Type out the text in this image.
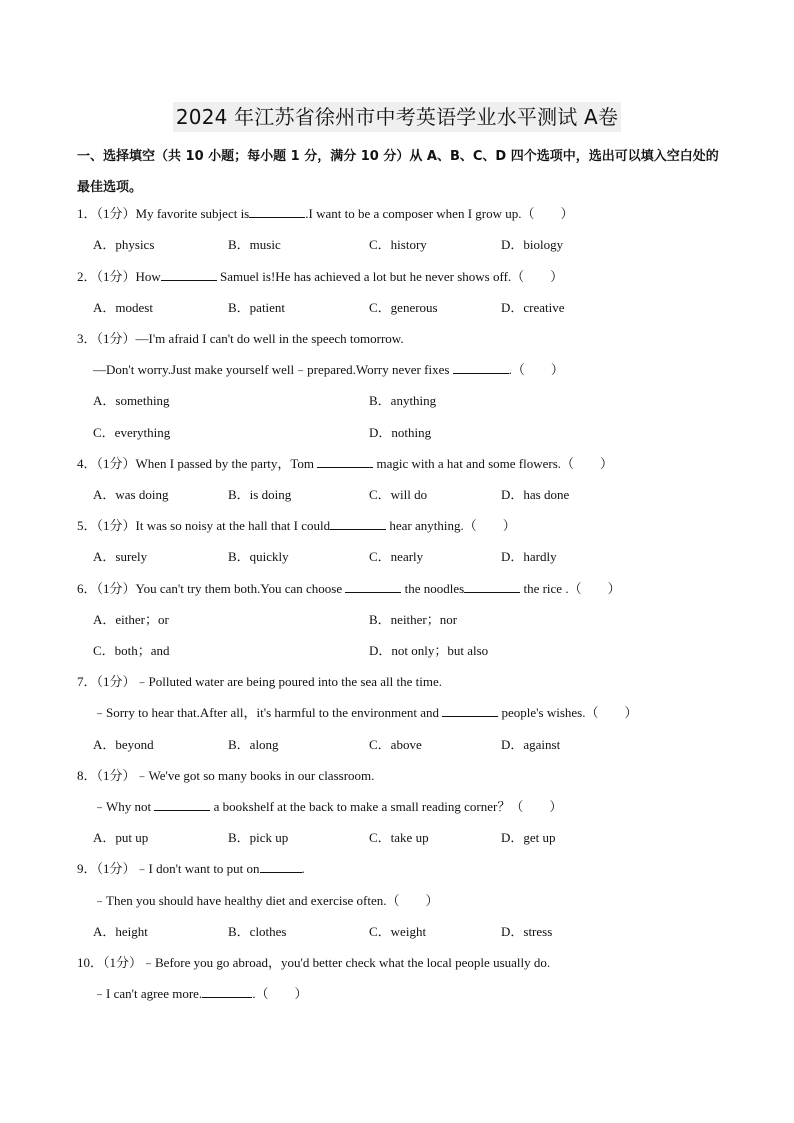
2024 年江苏省徐州市中考英语学业水平测试 A卷
一、选择填空（共 10 小题；每小题 1 分，满分 10 分）从 A、B、C、D 四个选项中，选出可以填入空白处的最佳选项。
1．（1分）My favorite subject is	.I want to be a composer when I grow up.（　　）
A．physics	B．music	C．history	D．biology
2．（1分）How	Samuel is!He has achieved a lot but he never shows off.（　　）
A．modest	B．patient	C．generous	D．creative
3．（1分）—I'm afraid I can't do well in the speech tomorrow.
—Don't worry.Just make yourself well﹣prepared.Worry never fixes	.（　　）
A．something	B．anything
C．everything	D．nothing
4．（1分）When I passed by the party，Tom	magic with a hat and some flowers.（　　）
A．was doing	B．is doing	C．will do	D．has done
5．（1分）It was so noisy at the hall that I could	hear anything.（　　）
A．surely	B．quickly	C．nearly	D．hardly
6．（1分）You can't try them both.You can choose	the noodles	the rice .（　　）
A．either；or	B．neither；nor
C．both；and	D．not only；but also
7．（1分）﹣Polluted water are being poured into the sea all the time.
﹣Sorry to hear that.After all，it's harmful to the environment and	people's wishes.（　　）
A．beyond	B．along	C．above	D．against
8．（1分）﹣We've got so many books in our classroom.
﹣Why not	a bookshelf at the back to make a small reading corner？（　　）
A．put up	B．pick up	C．take up	D．get up
9．（1分）﹣I don't want to put on	.
﹣Then you should have healthy diet and exercise often.（　　）
A．height	B．clothes	C．weight	D．stress
10．（1分）﹣Before you go abroad，you'd better check what the local people usually do.
﹣I can't agree more.	.（　　）
